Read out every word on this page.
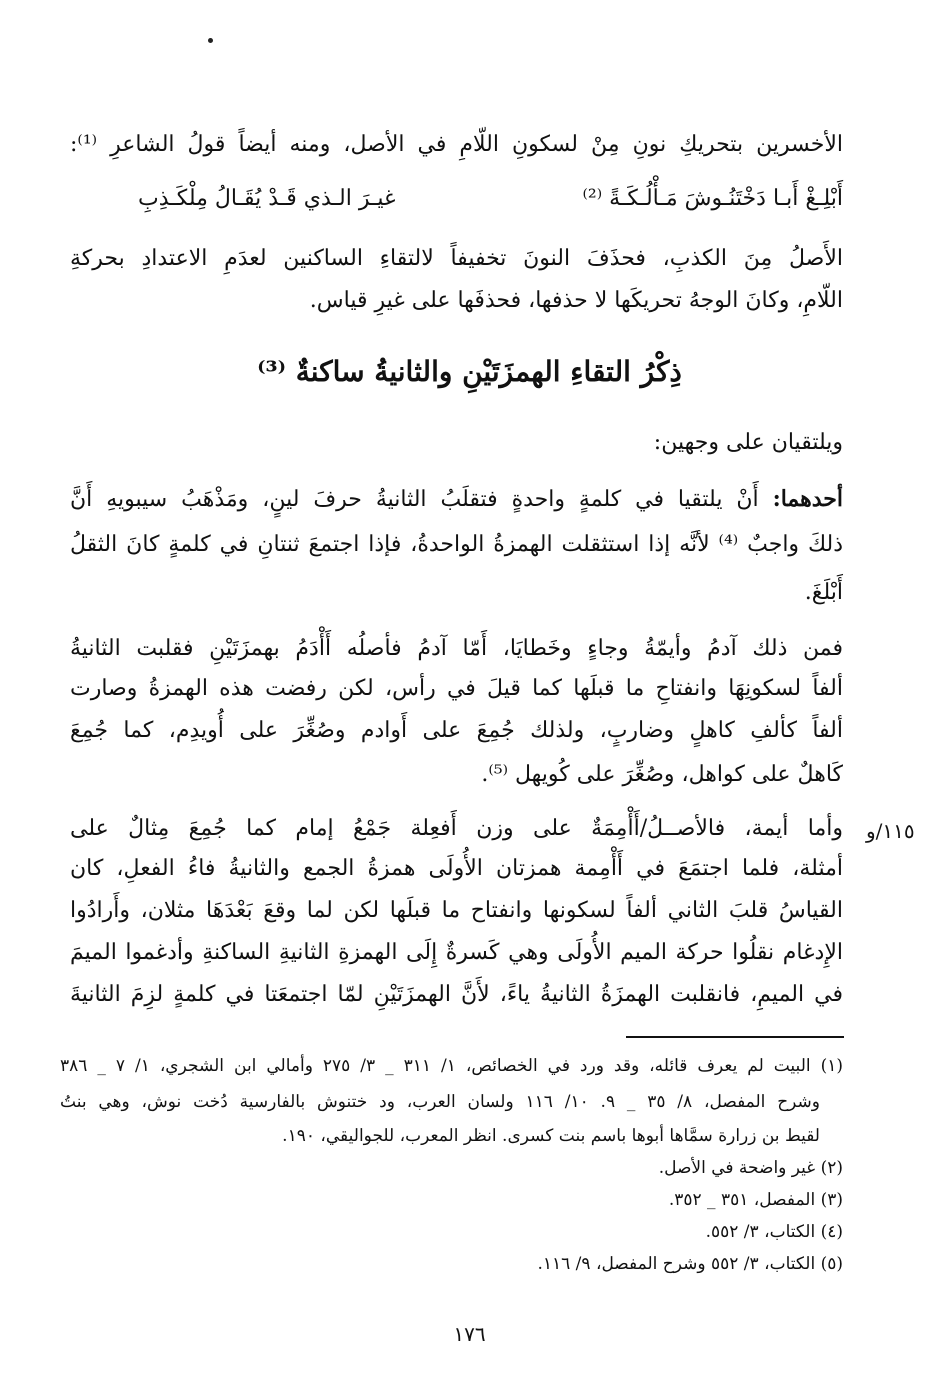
الأخسرين بتحريكِ نونِ مِنْ لسكونِ اللّامِ في الأصل، ومنه أيضاً قولُ الشاعرِ ⁽¹⁾:
أَبْلِـغْ أَبـا دَخْتَنُـوشَ مَـأْلُـكَـةً ⁽²⁾
غيـرَ الـذي قَـدْ يُقَـالُ مِلْكَـذِبِ
الأَصلُ مِنَ الكذبِ، فحذَفَ النونَ تخفيفاً لالتقاءِ الساكنين لعدَمِ الاعتدادِ بحركةِ
اللّامِ، وكانَ الوجهُ تحريكَها لا حذفها، فحذفَها على غيرِ قياس.
ذِكْرُ التقاءِ الهمزَتَيْنِ والثانيةُ ساكنةٌ ⁽³⁾
ويلتقيان على وجهين:
أحدهما: أَنْ يلتقيا في كلمةٍ واحدةٍ فتقلَبُ الثانيةُ حرفَ لينٍ، ومَذْهَبُ سيبويهِ أَنَّ
ذلكَ واجبٌ ⁽⁴⁾ لأنَّه إذا استثقلت الهمزةُ الواحدةُ، فإذا اجتمعَ ثنتانِ في كلمةٍ كانَ الثقلُ
أَبْلَغَ.
فمن ذلك آدمُ وأيمّةُ وجاءٍ وخَطايَا، أَمّا آدمُ فأصلُه أَأْدَمُ بهمزَتَيْنِ فقلبت الثانيةُ
ألفاً لسكونِهَا وانفتاحِ ما قبلَها كما قيلَ في رأس، لكن رفضت هذه الهمزةُ وصارت
ألفاً كألفِ كاهلٍ وضاربٍ، ولذلك جُمِعَ على أَوادم وصُغِّرَ على أُويدِم، كما جُمِعَ
كَاهلٌ على كواهل، وصُغِّرَ على كُويهل ⁽⁵⁾.
وأما أيمة، فالأصــلُ/أَأْمِمَةٌ على وزن أَفعِلة جَمْعُ إمام كما جُمِعَ مِثالٌ على ١١٥/و
أمثلة، فلما اجتمَعَ في أَأْمِمة همزتان الأُولَى همزةُ الجمع والثانيةُ فاءُ الفعلِ، كان
القياسُ قلبَ الثاني ألفاً لسكونها وانفتاح ما قبلَها لكن لما وقعَ بَعْدَهَا مثلان، وأَرادُوا
الإِدغام نقلُوا حركة الميم الأُولَى وهي كَسرةٌ إِلَى الهمزةِ الثانيةِ الساكنةِ وأدغموا الميمَ
في الميمِ، فانقلبت الهمزَةُ الثانيةُ ياءً، لأَنَّ الهمزَتَيْنِ لمّا اجتمعَتا في كلمةٍ لزِمَ الثانيةَ
(١) البيت لم يعرف قائله، وقد ورد في الخصائص، ١/ ٣١١ _ ٣/ ٢٧٥ وأمالي ابن الشجري، ١/ ٧ _ ٣٨٦
وشرح المفصل، ٨/ ٣٥ _ ٩. ١٠/ ١١٦ ولسان العرب، ود ختنوش بالفارسية دُخت نوش، وهي بنتُ
لقيط بن زرارة سمَّاها أبوها باسم بنت كسرى. انظر المعرب، للجواليقي، ١٩٠.
(٢) غير واضحة في الأصل.
(٣) المفصل، ٣٥١ _ ٣٥٢.
(٤) الكتاب، ٣/ ٥٥٢.
(٥) الكتاب، ٣/ ٥٥٢ وشرح المفصل، ٩/ ١١٦.
١٧٦
